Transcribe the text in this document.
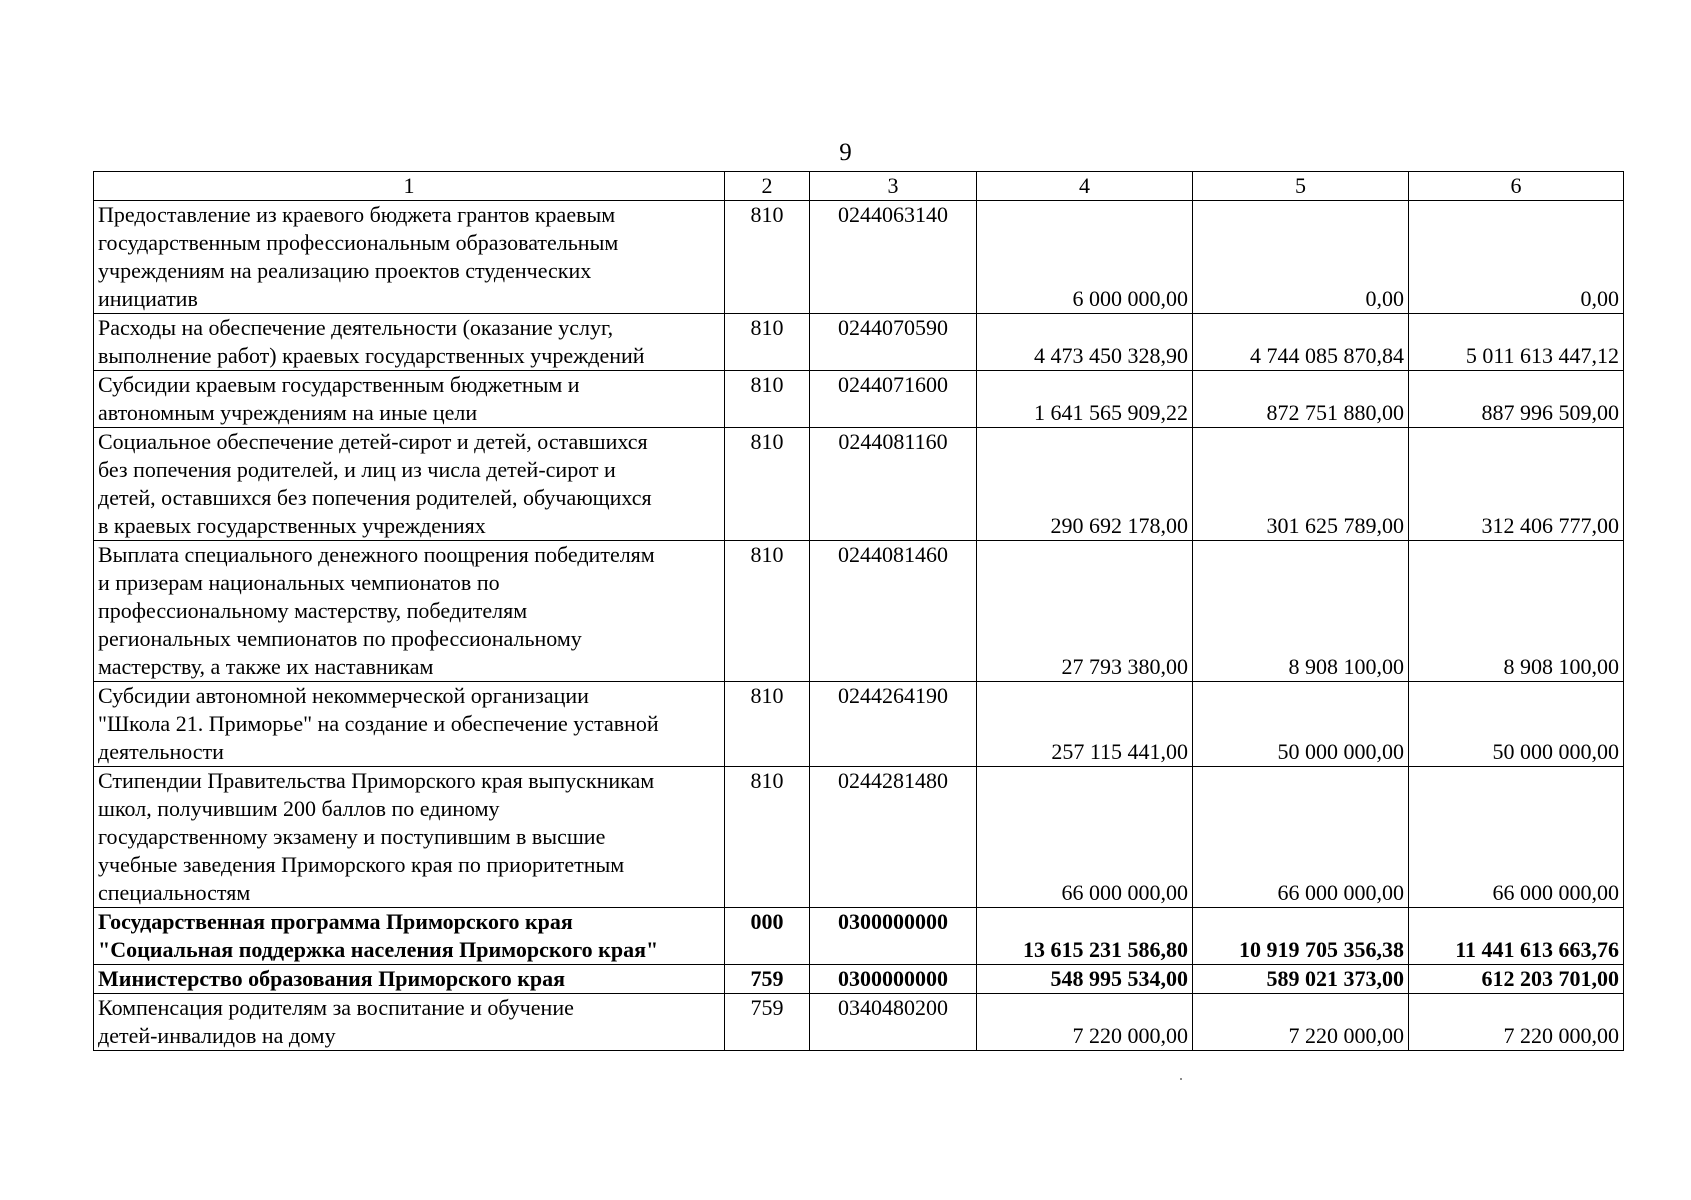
9
1	2	3	4	5	6

Предоставление из краевого бюджета грантов краевым
государственным профессиональным образовательным
учреждениям на реализацию проектов студенческих
инициатив	810	0244063140	6 000 000,00	0,00	0,00

Расходы на обеспечение деятельности (оказание услуг,
выполнение работ) краевых государственных учреждений	810	0244070590	4 473 450 328,90	4 744 085 870,84	5 011 613 447,12

Субсидии краевым государственным бюджетным и
автономным учреждениям на иные цели	810	0244071600	1 641 565 909,22	872 751 880,00	887 996 509,00

Социальное обеспечение детей-сирот и детей, оставшихся
без попечения родителей, и лиц из числа детей-сирот и
детей, оставшихся без попечения родителей, обучающихся
в краевых государственных учреждениях	810	0244081160	290 692 178,00	301 625 789,00	312 406 777,00

Выплата специального денежного поощрения победителям
и призерам национальных чемпионатов по
профессиональному мастерству, победителям
региональных чемпионатов по профессиональному
мастерству, а также их наставникам	810	0244081460	27 793 380,00	8 908 100,00	8 908 100,00

Субсидии автономной некоммерческой организации
"Школа 21. Приморье" на создание и обеспечение уставной
деятельности	810	0244264190	257 115 441,00	50 000 000,00	50 000 000,00

Стипендии Правительства Приморского края выпускникам
школ, получившим 200 баллов по единому
государственному экзамену и поступившим в высшие
учебные заведения Приморского края по приоритетным
специальностям	810	0244281480	66 000 000,00	66 000 000,00	66 000 000,00

Государственная программа Приморского края
"Социальная поддержка населения Приморского края"	000	0300000000	13 615 231 586,80	10 919 705 356,38	11 441 613 663,76

Министерство образования Приморского края	759	0300000000	548 995 534,00	589 021 373,00	612 203 701,00

Компенсация родителям за воспитание и обучение
детей-инвалидов на дому	759	0340480200	7 220 000,00	7 220 000,00	7 220 000,00
